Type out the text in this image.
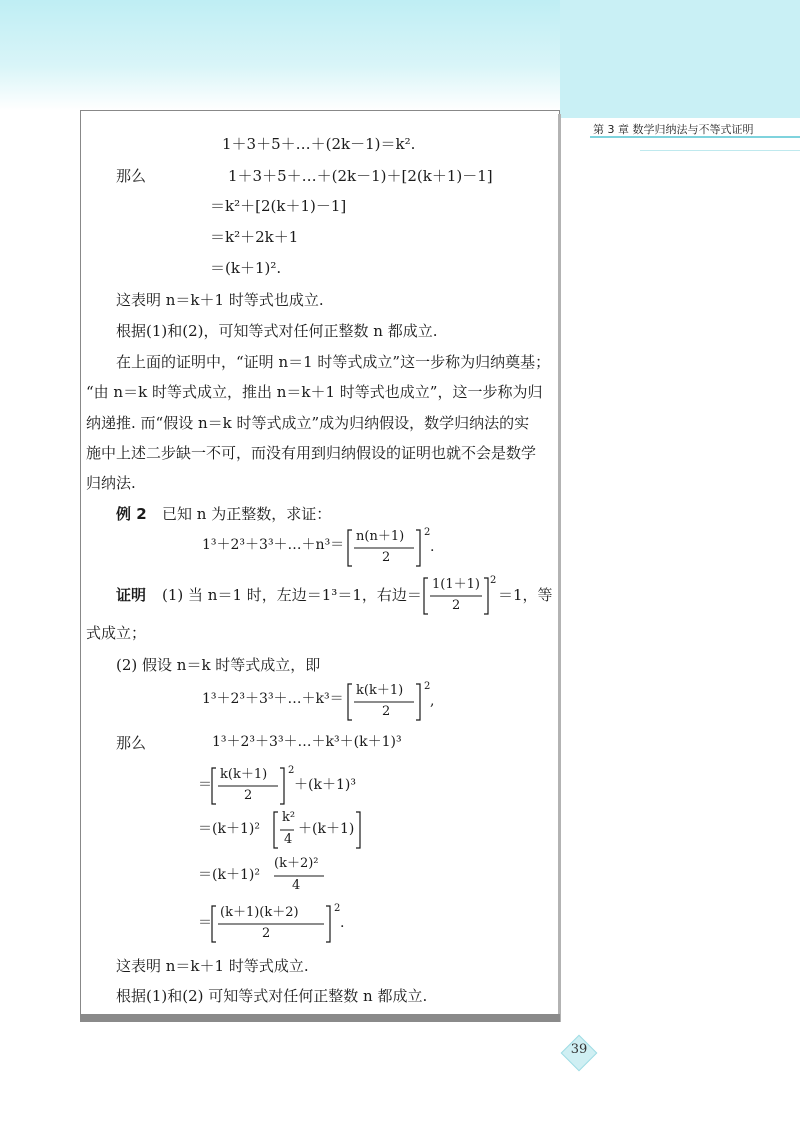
第 3 章 数学归纳法与不等式证明
1＋3＋5＋…＋(2k－1)＝k².
那么	1＋3＋5＋…＋(2k－1)＋[2(k＋1)－1]
＝k²＋[2(k＋1)－1]
＝k²＋2k＋1
＝(k＋1)².
这表明 n＝k＋1 时等式也成立.
根据(1)和(2)，可知等式对任何正整数 n 都成立.
在上面的证明中，“证明 n＝1 时等式成立”这一步称为归纳奠基；
“由 n＝k 时等式成立，推出 n＝k＋1 时等式也成立”，这一步称为归
纳递推. 而“假设 n＝k 时等式成立”成为归纳假设，数学归纳法的实
施中上述二步缺一不可，而没有用到归纳假设的证明也就不会是数学
归纳法.
例 2 已知 n 为正整数，求证：
1³＋2³＋3³＋…＋n³＝
n(n＋1)
2
2
.
证明 (1) 当 n＝1 时，左边＝1³＝1，右边＝
1(1＋1)
2
2
＝1，等
式成立；
(2) 假设 n＝k 时等式成立，即
1³＋2³＋3³＋…＋k³＝
k(k＋1)
2
2
,
那么	1³＋2³＋3³＋…＋k³＋(k＋1)³
＝
k(k＋1)
2
2
＋(k＋1)³
＝(k＋1)²
k²
4
＋(k＋1)
＝(k＋1)²
(k＋2)²
4
＝
(k＋1)(k＋2)
2
2
.
这表明 n＝k＋1 时等式成立.
根据(1)和(2) 可知等式对任何正整数 n 都成立.
39
